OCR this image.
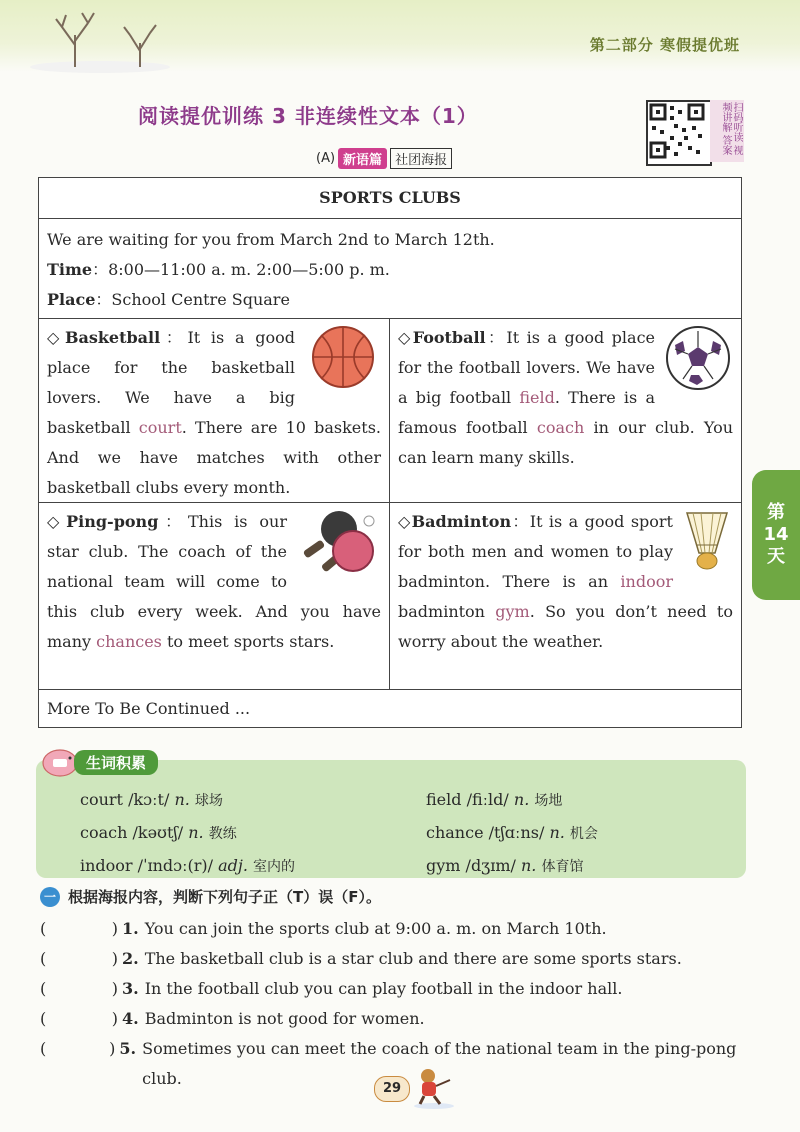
第二部分 寒假提优班
阅读提优训练 3 非连续性文本（1）	扫码听读 视频讲解 答案
(A) 新语篇	社团海报
SPORTS CLUBS

We are waiting for you from March 2nd to March 12th.

Time：8:00—11:00 a. m. 2:00—5:00 p. m.

Place：School Centre Square

◇Basketball：It is a good place for the basketball lovers. We have a big basketball court. There are 10 baskets. And we have matches with other basketball clubs every month.

◇Football：It is a good place for the football lovers. We have a big football field. There is a famous football coach in our club. You can learn many skills.

◇Ping-pong：This is our star club. The coach of the national team will come to this club every week. And you have many chances to meet sports stars.

◇Badminton：It is a good sport for both men and women to play badminton. There is an indoor badminton gym. So you don’t need to worry about the weather.

More To Be Continued ...
第
14
天
生词积累
court /kɔːt/ n. 球场	field /fiːld/ n. 场地
coach /kəʊtʃ/ n. 教练	chance /tʃɑːns/ n. 机会
indoor /ˈɪndɔː(r)/ adj. 室内的	gym /dʒɪm/ n. 体育馆
一 根据海报内容，判断下列句子正（T）误（F）。
(	) 1. You can join the sports club at 9:00 a. m. on March 10th.
(	) 2. The basketball club is a star club and there are some sports stars.
(	) 3. In the football club you can play football in the indoor hall.
(	) 4. Badminton is not good for women.
(	) 5. Sometimes you can meet the coach of the national team in the ping-pong club.
29
